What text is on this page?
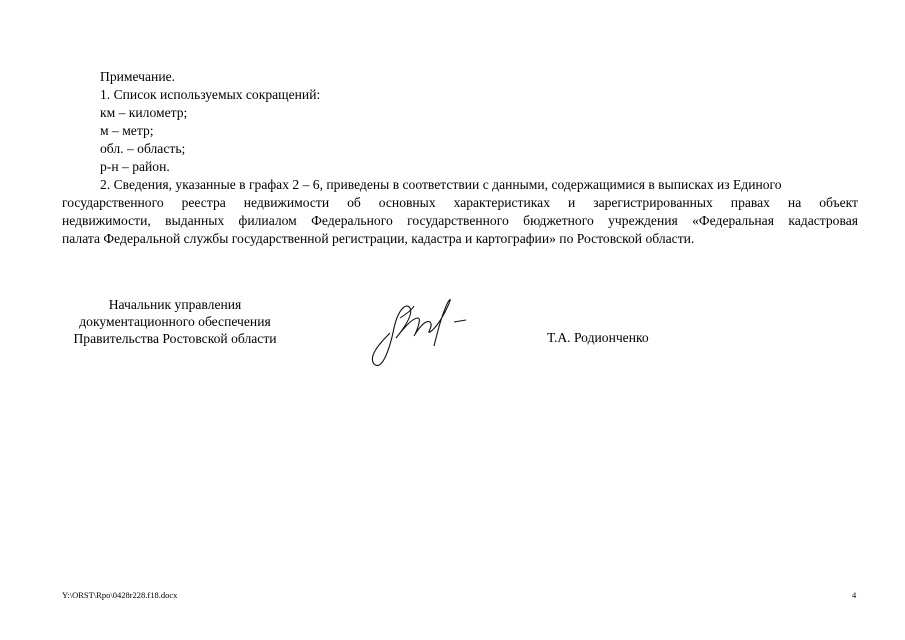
Примечание.
1. Список используемых сокращений:
км – километр;
м – метр;
обл. – область;
р-н – район.
2. Сведения, указанные в графах 2 – 6, приведены в соответствии с данными, содержащимися в выписках из Единого
государственного реестра недвижимости об основных характеристиках и зарегистрированных правах на объект
недвижимости, выданных филиалом Федерального государственного бюджетного учреждения «Федеральная кадастровая
палата Федеральной службы государственной регистрации, кадастра и картографии» по Ростовской области.
Начальник управления
документационного обеспечения
Правительства Ростовской области	Т.А. Родионченко
Y:\ORST\Rpo\0428r228.f18.docx	4
